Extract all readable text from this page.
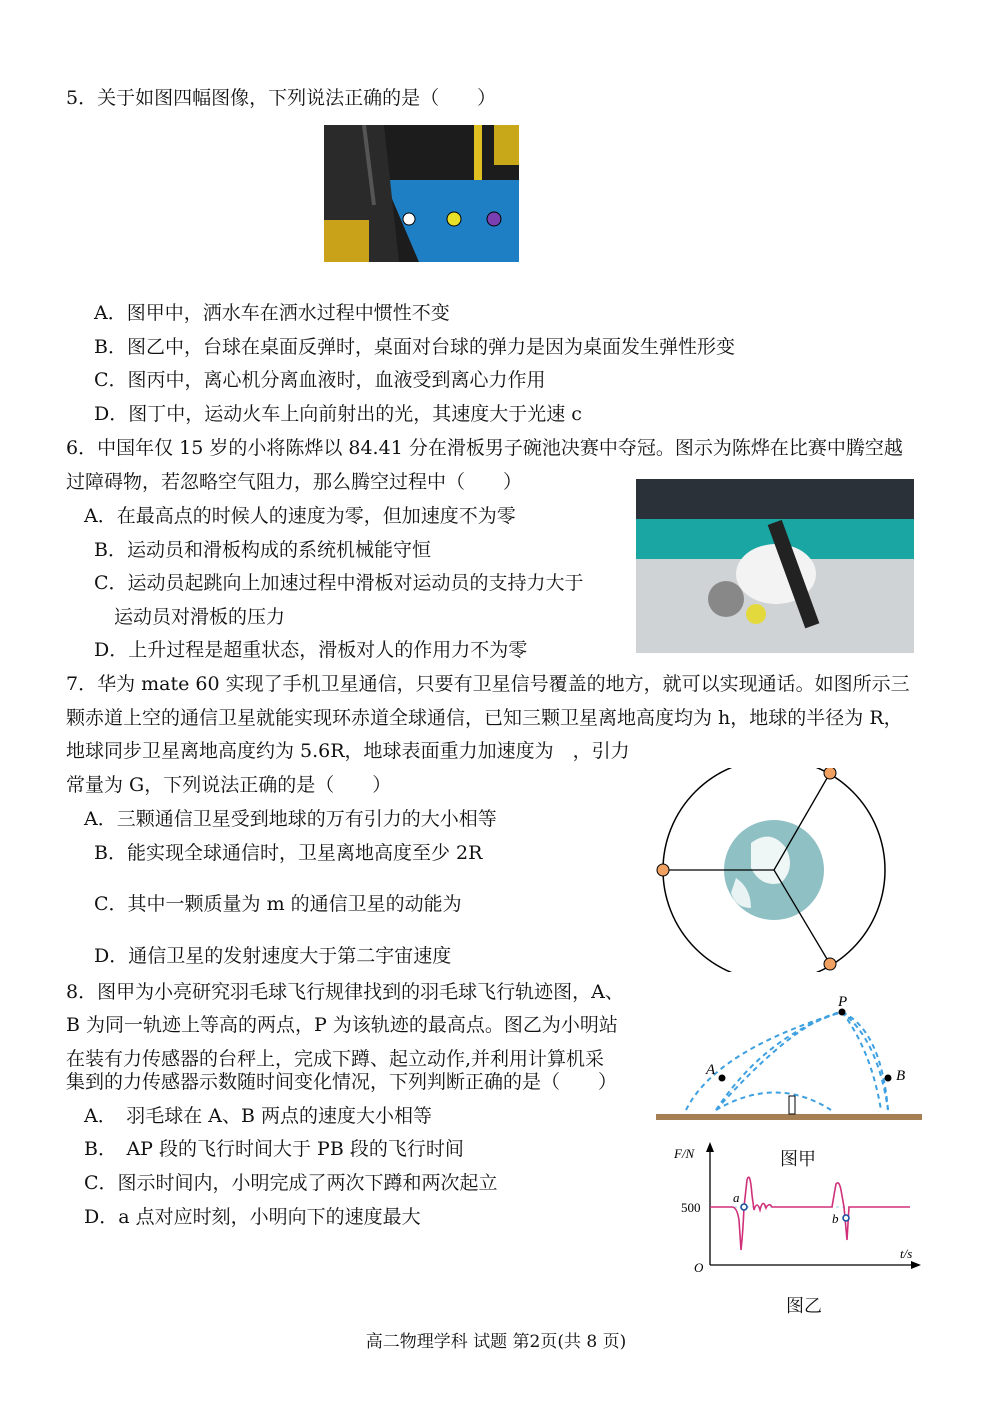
5．关于如图四幅图像，下列说法正确的是（　　）
A．图甲中，洒水车在洒水过程中惯性不变
B．图乙中，台球在桌面反弹时，桌面对台球的弹力是因为桌面发生弹性形变
C．图丙中，离心机分离血液时，血液受到离心力作用
D．图丁中，运动火车上向前射出的光，其速度大于光速 c
6．中国年仅 15 岁的小将陈烨以 84.41 分在滑板男子碗池决赛中夺冠。图示为陈烨在比赛中腾空越
过障碍物，若忽略空气阻力，那么腾空过程中（　　）
A．在最高点的时候人的速度为零，但加速度不为零
B．运动员和滑板构成的系统机械能守恒
C．运动员起跳向上加速过程中滑板对运动员的支持力大于
运动员对滑板的压力
D．上升过程是超重状态，滑板对人的作用力不为零
7．华为 mate 60 实现了手机卫星通信，只要有卫星信号覆盖的地方，就可以实现通话。如图所示三
颗赤道上空的通信卫星就能实现环赤道全球通信，已知三颗卫星离地高度均为 h，地球的半径为 R，
地球同步卫星离地高度约为 5.6R，地球表面重力加速度为　，引力
常量为 G，下列说法正确的是（　　）
A．三颗通信卫星受到地球的万有引力的大小相等
B．能实现全球通信时，卫星离地高度至少 2R
C．其中一颗质量为 m 的通信卫星的动能为
D．通信卫星的发射速度大于第二宇宙速度
8．图甲为小亮研究羽毛球飞行规律找到的羽毛球飞行轨迹图，A、
B 为同一轨迹上等高的两点，P 为该轨迹的最高点。图乙为小明站
在装有力传感器的台秤上，完成下蹲、起立动作,并利用计算机采
集到的力传感器示数随时间变化情况，下列判断正确的是（　　）
P
A	B
图甲
F/N
t/s
O
500
a
b
图乙
A．　羽毛球在 A、B 两点的速度大小相等
B．　AP 段的飞行时间大于 PB 段的飞行时间
C．图示时间内，小明完成了两次下蹲和两次起立
D．a 点对应时刻，小明向下的速度最大
高二物理学科 试题 第2页(共 8 页)
